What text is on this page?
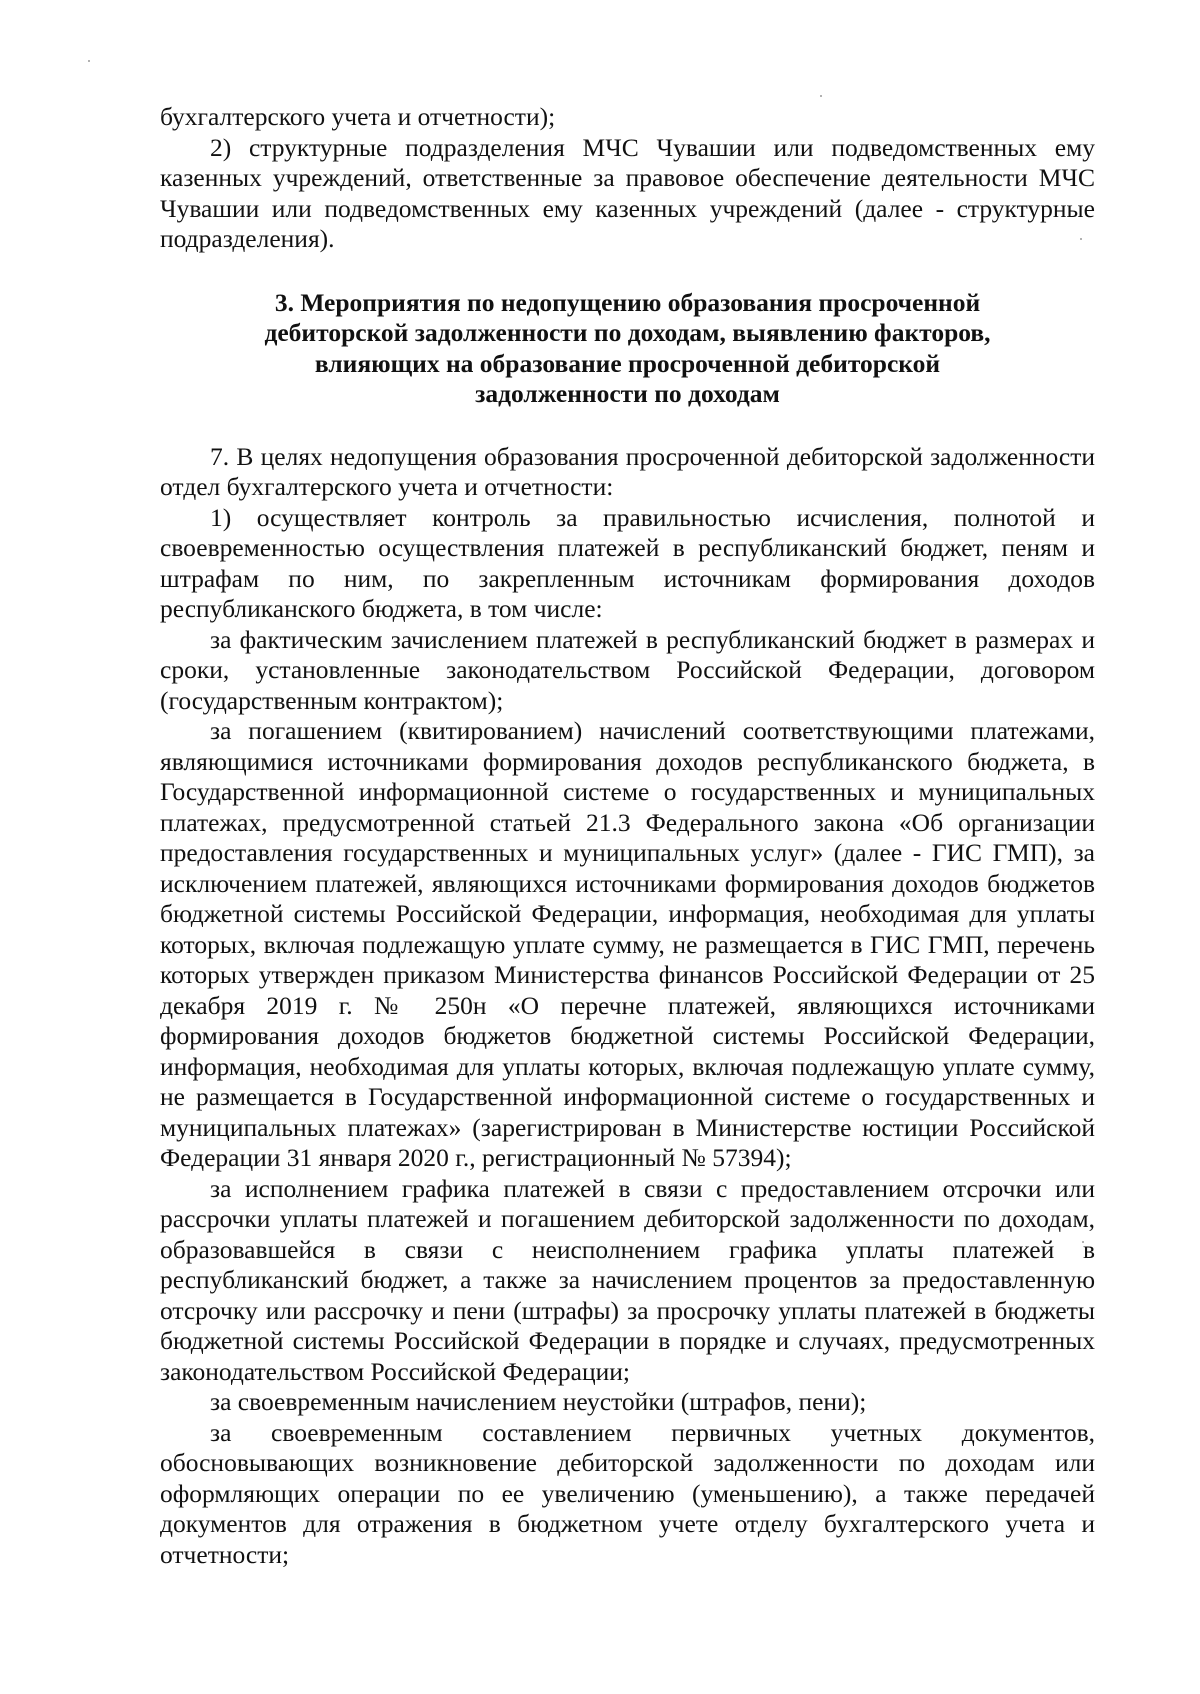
бухгалтерского учета и отчетности);

2) структурные подразделения МЧС Чувашии или подведомственных ему казенных учреждений, ответственные за правовое обеспечение деятельности МЧС Чувашии или подведомственных ему казенных учреждений (далее - структурные подразделения).

3. Мероприятия по недопущению образования просроченной
дебиторской задолженности по доходам, выявлению факторов,
влияющих на образование просроченной дебиторской
задолженности по доходам

7. В целях недопущения образования просроченной дебиторской задолженности отдел бухгалтерского учета и отчетности:

1) осуществляет контроль за правильностью исчисления, полнотой и своевременностью осуществления платежей в республиканский бюджет, пеням и штрафам по ним, по закрепленным источникам формирования доходов республиканского бюджета, в том числе:

за фактическим зачислением платежей в республиканский бюджет в размерах и сроки, установленные законодательством Российской Федерации, договором (государственным контрактом);

за погашением (квитированием) начислений соответствующими платежами, являющимися источниками формирования доходов республиканского бюджета, в Государственной информационной системе о государственных и муниципальных платежах, предусмотренной статьей 21.3 Федерального закона «Об организации предоставления государственных и муниципальных услуг» (далее - ГИС ГМП), за исключением платежей, являющихся источниками формирования доходов бюджетов бюджетной системы Российской Федерации, информация, необходимая для уплаты которых, включая подлежащую уплате сумму, не размещается в ГИС ГМП, перечень которых утвержден приказом Министерства финансов Российской Федерации от 25 декабря 2019 г. № 250н «О перечне платежей, являющихся источниками формирования доходов бюджетов бюджетной системы Российской Федерации, информация, необходимая для уплаты которых, включая подлежащую уплате сумму, не размещается в Государственной информационной системе о государственных и муниципальных платежах» (зарегистрирован в Министерстве юстиции Российской Федерации 31 января 2020 г., регистрационный № 57394);

за исполнением графика платежей в связи с предоставлением отсрочки или рассрочки уплаты платежей и погашением дебиторской задолженности по доходам, образовавшейся в связи с неисполнением графика уплаты платежей в республиканский бюджет, а также за начислением процентов за предоставленную отсрочку или рассрочку и пени (штрафы) за просрочку уплаты платежей в бюджеты бюджетной системы Российской Федерации в порядке и случаях, предусмотренных законодательством Российской Федерации;

за своевременным начислением неустойки (штрафов, пени);

за своевременным составлением первичных учетных документов, обосновывающих возникновение дебиторской задолженности по доходам или оформляющих операции по ее увеличению (уменьшению), а также передачей документов для отражения в бюджетном учете отделу бухгалтерского учета и отчетности;
